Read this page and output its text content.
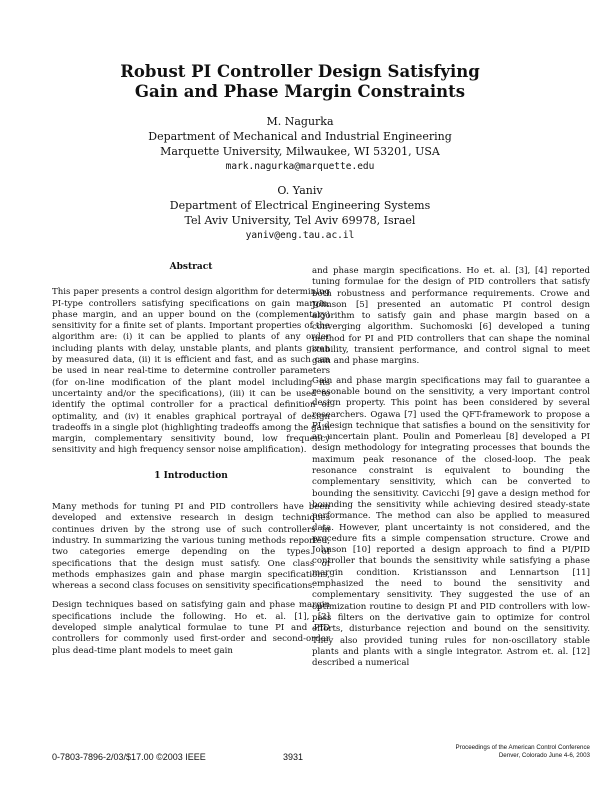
Robust PI Controller Design Satisfying
Gain and Phase Margin Constraints
M. Nagurka
Department of Mechanical and Industrial Engineering
Marquette University, Milwaukee, WI 53201, USA
mark.nagurka@marquette.edu
O. Yaniv
Department of Electrical Engineering Systems
Tel Aviv University, Tel Aviv 69978, Israel
yaniv@eng.tau.ac.il
Abstract

This paper presents a control design algorithm for determining PI-type controllers satisfying specifications on gain margin, phase margin, and an upper bound on the (complementary) sensitivity for a finite set of plants. Important properties of the algorithm are: (i) it can be applied to plants of any order including plants with delay, unstable plants, and plants given by measured data, (ii) it is efficient and fast, and as such can be used in near real-time to determine controller parameters (for on-line modification of the plant model including its uncertainty and/or the specifications), (iii) it can be used to identify the optimal controller for a practical definition of optimality, and (iv) it enables graphical portrayal of design tradeoffs in a single plot (highlighting tradeoffs among the gain margin, complementary sensitivity bound, low frequency sensitivity and high frequency sensor noise amplification).

1 Introduction

Many methods for tuning PI and PID controllers have been developed and extensive research in design techniques continues driven by the strong use of such controllers in industry. In summarizing the various tuning methods reported, two categories emerge depending on the types of specifications that the design must satisfy. One class of methods emphasizes gain and phase margin specifications, whereas a second class focuses on sensitivity specifications.

Design techniques based on satisfying gain and phase margin specifications include the following. Ho et. al. [1], [2] developed simple analytical formulae to tune PI and PID controllers for commonly used first-order and second-order plus dead-time plant models to meet gain

and phase margin specifications. Ho et. al. [3], [4] reported tuning formulae for the design of PID controllers that satisfy both robustness and performance requirements. Crowe and Johnson [5] presented an automatic PI control design algorithm to satisfy gain and phase margin based on a converging algorithm. Suchomoski [6] developed a tuning method for PI and PID controllers that can shape the nominal stability, transient performance, and control signal to meet gain and phase margins.

Gain and phase margin specifications may fail to guarantee a reasonable bound on the sensitivity, a very important control design property. This point has been considered by several researchers. Ogawa [7] used the QFT-framework to propose a PI design technique that satisfies a bound on the sensitivity for an uncertain plant. Poulin and Pomerleau [8] developed a PI design methodology for integrating processes that bounds the maximum peak resonance of the closed-loop. The peak resonance constraint is equivalent to bounding the complementary sensitivity, which can be converted to bounding the sensitivity. Cavicchi [9] gave a design method for bounding the sensitivity while achieving desired steady-state performance. The method can also be applied to measured data. However, plant uncertainty is not considered, and the procedure fits a simple compensation structure. Crowe and Johnson [10] reported a design approach to find a PI/PID controller that bounds the sensitivity while satisfying a phase margin condition. Kristiansson and Lennartson [11] emphasized the need to bound the sensitivity and complementary sensitivity. They suggested the use of an optimization routine to design PI and PID controllers with low-pass filters on the derivative gain to optimize for control efforts, disturbance rejection and bound on the sensitivity. They also provided tuning rules for non-oscillatory stable plants and plants with a single integrator. Astrom et. al. [12] described a numerical

0-7803-7896-2/03/$17.00 ©2003 IEEE	3931
Proceedings of the American Control Conference
Denver, Colorado June 4-6, 2003
